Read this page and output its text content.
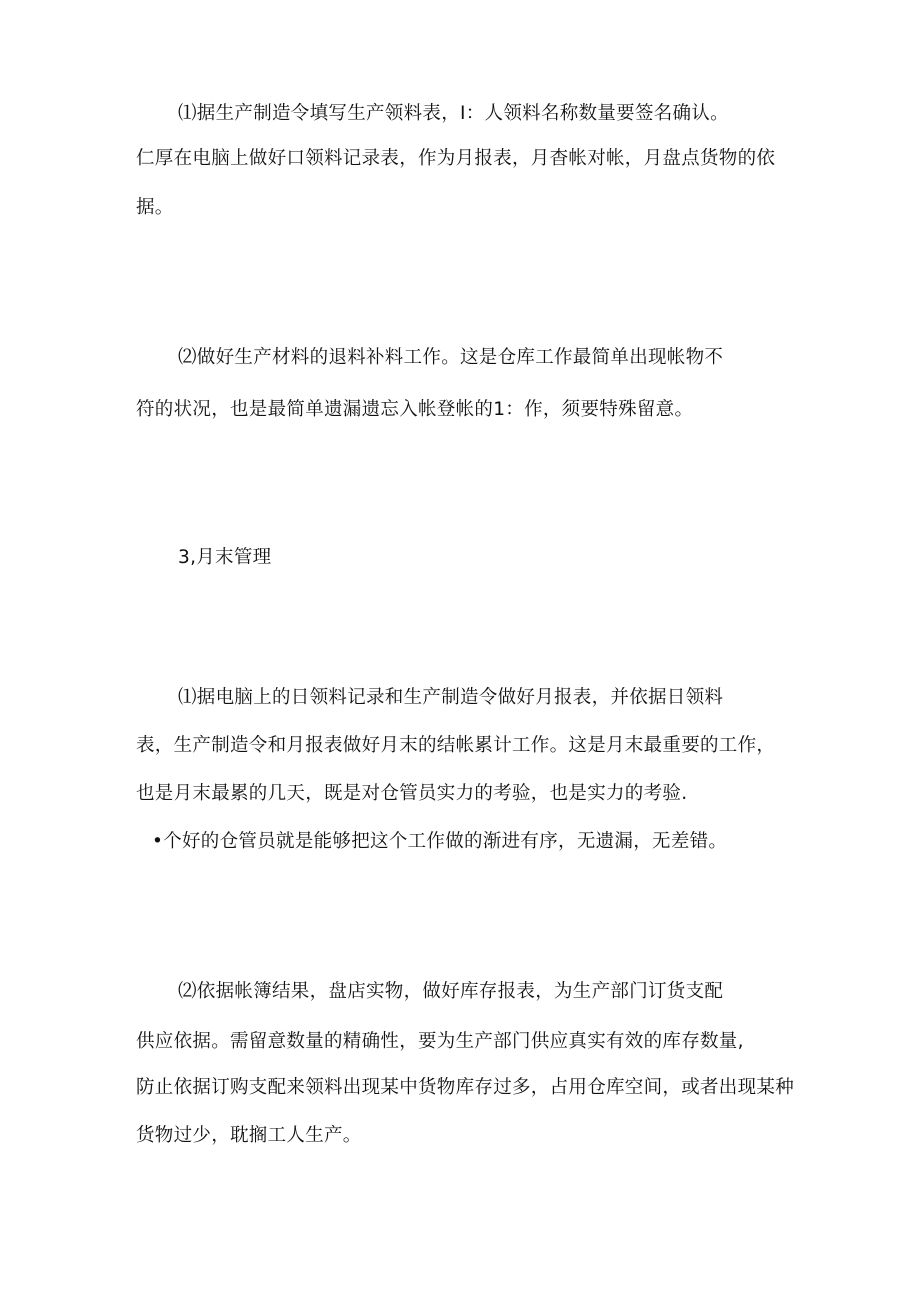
⑴据生产制造令填写生产领料表，I：人领料名称数量要签名确认。
仁厚在电脑上做好口领料记录表，作为月报表，月杳帐对帐，月盘点货物的依
据。
⑵做好生产材料的退料补料工作。这是仓库工作最简单出现帐物不
符的状况，也是最简单遗漏遗忘入帐登帐的1：作，须要特殊留意。
3,月末管理
⑴据电脑上的日领料记录和生产制造令做好月报表，并依据日领料
表，生产制造令和月报表做好月末的结帐累计工作。这是月末最重要的工作，
也是月末最累的几天，既是对仓管员实力的考验，也是实力的考验.
•个好的仓管员就是能够把这个工作做的渐进有序，无遗漏，无差错。
⑵依据帐簿结果，盘店实物，做好库存报表，为生产部门订货支配
供应依据。需留意数量的精确性，要为生产部门供应真实有效的库存数量,
防止依据订购支配来领料出现某中货物库存过多，占用仓库空间，或者出现某种
货物过少，耽搁工人生产。
